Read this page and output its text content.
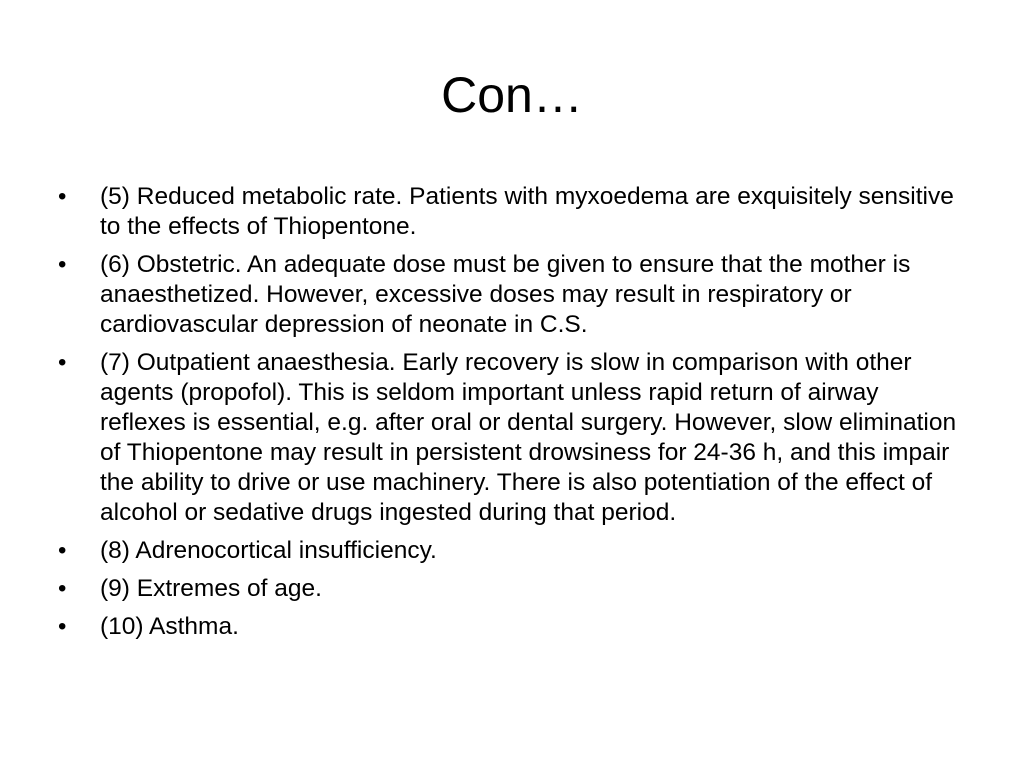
Con…
•	(5) Reduced metabolic rate. Patients with myxoedema are exquisitely sensitive to the effects of Thiopentone.
•	(6) Obstetric. An adequate dose must be given to ensure that the mother is anaesthetized. However, excessive doses may result in respiratory or cardiovascular depression of neonate in C.S.
•	(7) Outpatient anaesthesia. Early recovery is slow in comparison with other agents (propofol). This is seldom important unless rapid return of airway reflexes is essential, e.g. after oral or dental surgery. However, slow elimination of Thiopentone may result in persistent drowsiness for 24-36 h, and this impair the ability to drive or use machinery. There is also potentiation of the effect of alcohol or sedative drugs ingested during that period.
•	(8) Adrenocortical insufficiency.
•	(9) Extremes of age.
•	(10) Asthma.
